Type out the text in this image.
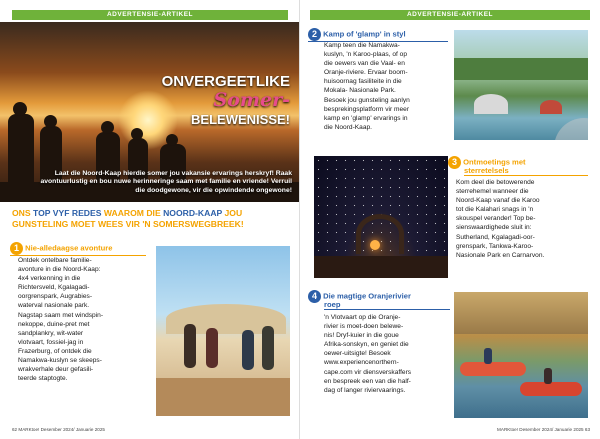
ADVERTENSIE-ARTIKEL
ONVERGEETLIKE
Somer-
BELEWENISSE!
Laat die Noord-Kaap hierdie somer jou vakansie ervarings herskryf! Raak avontuurlustig en bou nuwe herinneringe saam met familie en vriende! Verruil die doodgewone, vir die opwindende ongewone!
ONS TOP VYF REDES WAAROM DIE NOORD-KAAP JOU GUNSTELING MOET WEES VIR 'N SOMERSWEGBREEK!
1 Nie-alledaagse avonture
Ontdek ontelbare familie-
avonture in die Noord-Kaap:
4x4 verkenning in die
Richtersveld, Kgalagadi-
oorgrenspark, Augrabies-
waterval nasionale park.
Nagstap saam met windspin-
nekoppe, duine-pret met
sandplankry, wit-water
vlotvaart, fossiel-jag in
Frazerburg, of ontdek die
Namakwa-kuslyn se skeeps-
wrakverhale deur gefasili-
teerde staptogte.
62 MARKtoe! Desember 2024/ Januarie 2025
ADVERTENSIE-ARTIKEL
2 Kamp of 'glamp' in styl
Kamp teen die Namakwa-
kuslyn, 'n Karoo-plaas, of op
die oewers van die Vaal- en
Oranje-riviere. Ervaar boom-
huisoornag fasiliteite in die
Mokala- Nasionale Park.
Besoek jou gunsteling aanlyn
besprekingsplatform vir meer
kamp en 'glamp' ervarings in
die Noord-Kaap.
3 Ontmoetings met
sterretelsels
Kom deel die betowerende
sterrehemel wanneer die
Noord-Kaap vanaf die Karoo
tot die Kalahari snags in 'n
skouspel verander! Top be-
sienswaardighede sluit in:
Sutherland, Kgalagadi-oor-
grenspark, Tankwa-Karoo-
Nasionale Park en Carnarvon.
4 Die magtige Oranjerivier
roep
'n Vlotvaart op die Oranje-
rivier is moet-doen belewe-
nis! Dryf-kuier in die goue
Afrika-sonskyn, en geniet die
oewer-uitsigte! Besoek
www.experiencenorthern-
cape.com vir diensverskaffers
en bespreek een van die half-
dag of langer riviervaarings.
MARKtoe! Desember 2024/ Januarie 2025 63
